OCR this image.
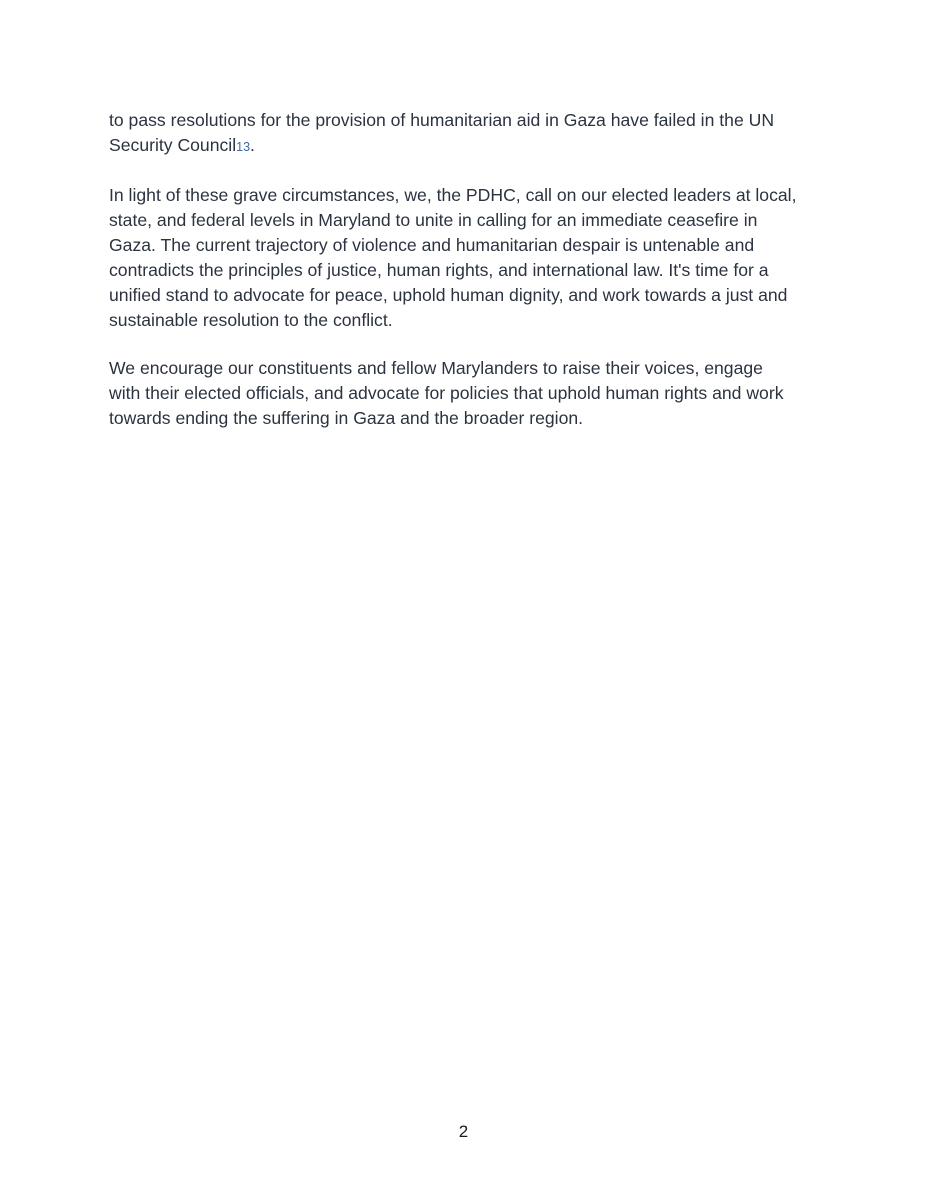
to pass resolutions for the provision of humanitarian aid in Gaza have failed in the UN
Security Council13.

In light of these grave circumstances, we, the PDHC, call on our elected leaders at local,
state, and federal levels in Maryland to unite in calling for an immediate ceasefire in
Gaza. The current trajectory of violence and humanitarian despair is untenable and
contradicts the principles of justice, human rights, and international law. It's time for a
unified stand to advocate for peace, uphold human dignity, and work towards a just and
sustainable resolution to the conflict.

We encourage our constituents and fellow Marylanders to raise their voices, engage
with their elected officials, and advocate for policies that uphold human rights and work
towards ending the suffering in Gaza and the broader region.

2
